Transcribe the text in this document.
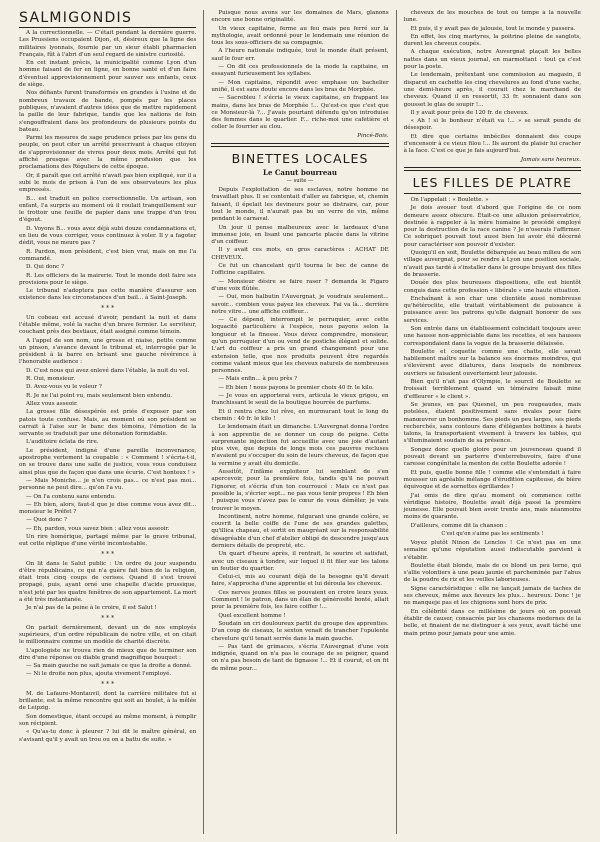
SALMIGONDIS

A la correctionnelle. — C'était pendant la dernière guerre. Les Prussiens occupaient Dijon, et, désireux que la ligne des militaires lyonnais, fournie par un sieur établi pharmacien Français, fût à l'abri d'un seul regard de sinistre curiosité.

En cet instant précis, la municipalité comme Lyon d'un homme faisant de fer en ligne, en bonne santé et d'un faire d'éventuel approvisionnement pour sauver ses enfants, ceux de siège.

Nos défiants furent transformés en grandes à l'usine et de nombreux travaux de bande, pompés par les places publiques, n'avaient d'autres idées que de mettre rapidement la paille de leur fabrique, tandis que les nations de foin s'engouffraient dans les profondeurs de plusieurs points du bateau.

Parmi les mesures de sage prudence prises par les gens du peuple, on peut citer un arrêté prescrivant à chaque citoyen de s'approvisionner de vivres pour deux mois. Arrêté qui fut affiché presque avec la même profusion que les proclamations des Réguliers de cette époque.

Or, il paraît que cet arrêté n'avait pas bien expliqué, sur il a subi le mois de prison à l'un de ses observateurs les plus empressés.

B... est traduit en police correctionnelle. Un artisan, son enfant, l'a surpris au moment où il roulait tranquillement sur le trottoir une feuille de papier dans une trappe d'un trou d'égout.

D. Voyons B... vous avez déjà subi douze condamnations et, en lieu de vous corriger, vous continuez à voler. Il y a fagoter dédit, vous ne meure pas ?

R. Pardon, mon président, c'est bien vrai, mais on me l'a commandé.

D. Qui donc ?

R. Les officiers de la mairerie. Tout le monde doit faire ses provisions pour le siège.

Le tribunal n'adoptera pas cette manière d'assurer son existence dans les circonstances d'un bail... à Saint-Joseph.

* * *

Un cobeau est accusé d'avoir, pendant la nuit et dans l'étable même, volé la vache d'un brave fermier. Le serviteur, couchant près des bestiaux, était assigné comme témoin.

A l'appel de son nom, une grosse et niaise, petite comme un pinson, s'avance devant le tribunal et, interrogée par le président à la barre en brisant une gauche révérence à l'honorable audience :

D. C'est nous qui avez enlevé dans l'étable, la nuit du vol.

R. Oui, monsieur.

D. Avez-vous vu le voleur ?

R. Je ne l'ai point vu, mais seulement bien entendu.

Allez vous asseoir.

La grosse fille désespérée est priée d'exposer par son patois toute confuse. Mais, au moment où son président se carrait à l'aise sur le banc des témoins, l'émotion de la servante se traduisit par une détonation formidable.

L'auditoire éclata de rire.

Le président, indigné d'une pareille inconvenance, apostrophe vertement la coupable : « Comment ! s'écria-t-il, on se trouve dans une salle de justice, vous vous conduisez ainsi plus que de façon que dans une écurie. C'est honteux ! »

— Mais Moniche... je n'en crois pas... ce n'est pas moi... personne ne peut dire... qu'on l'a vu.

— On l'a contenu sans entendu.

— Eh bien, alors, faut-il que je dise comme vous avez dit... monsieur le Préfet ?

— Quoi donc ?

— Eh, pardon, vous savez bien : allez vous asseoir.

Un rire homérique, partagé même par le grave tribunal, eut cette réplique d'une vérité incontestable.

* * *

On lit dans le Salut public : Un ordre du jour suspendu d'être républicains, ce qui n'a guère fait bien de la religion, était trois cinq coups de cerises. Quand il s'est trouvé propagé, puis, ayant orné une chapelle d'acide prussique, n'est jeté par les quatre fenêtres de son appartement. La mort a été très instantanée.

Je n'ai pas de la peine à le croire, il est Salut !

* * *

On parlait dernièrement, devant un de nos employés supérieurs, d'un ordre républicain de notre ville, et on citait le millionnaire comme un modèle de charité discrète.

L'apologiste ne trouva rien de mieux que de terminer son dire d'une réponse ou diable grand magnifique bouquet :

— Sa main gauche ne sait jamais ce que la droite a donné.

— Ni le droite non plus, ajouta vivement l'employé.

* * *

M. de Lafaure-Montauvil, dont la carrière militaire fut si brillante, est la même rencontre qui soit au boulet, à la mêlée de Leipzig.

Son domestique, étant occupé au même moment, à remplir son récipient.

« Qu'as-tu donc à pleurer ? lui dit le maître général, en s'avisant qu'il y avait un trou ou on a battu de suite. »

Puisque nous avons sur les domaines de Mars, glanons encore une bonne originalité.

Un vieux capitaine, ferme au feu mais peu ferré sur la mythologie, avait ordonné pour le lendemain une réunion de tous les sous-officiers de sa compagnie.

A l'heure nationale indiquée, tout le monde était présent, sauf le four err.

— On dit ces professionnels de la mode la capitaine, en essayant furieusement les syllabes.

— Mon capitaine, répondit avec emphase un bachelier unifié, il est sans doute encore dans les bras de Morphée.

— Sacrebleu ! s'écria le vieux capitaine, en frappant les mains, dans les bras de Morphée !... Qu'est-ce que c'est que ce Monsieur-là ?... J'avais pourtant défendu qu'on introduise des femmes dans le quartier. F... riche-moi une cafetière et coller le fourrier au clou.

Pincé-Bois.
BINETTES LOCALES
Le Canut bourreau
— suite —

Depuis l'exploitation de ses esclaves, notre homme ne travaillait plus. Il se contentait d'aller au fabrique, et, chemin faisant, il épelait les devineurs pour se distraire, car, pour tout le monde, il n'aurait pas bu un verre de vin, même pendant le carnaval.

Un jour il pense malheureux avec le lardeaux d'une immense joie, en lisant une pancarte placée dans la vitrine d'un coiffeur.

Il y avait ces mots, en gros caractères : ACHAT DE CHEVEUX.

Ce fut un chancelant qu'il tourna le bec de canne de l'officine capillaire.

— Monsieur désire se faire raser ? demanda le Figaro d'une voix flûtée.

— Oui, mon halbutin l'Auvergnat, je voudrais seulement... savoir... combien vous payez les cheveux. Fai va là... derrière notre vitre... une affiche coiffeur...

— Ce dépend, interrompit le perruquier, avec cette loquacité particulière à l'espèce, nous payons selon la longueur et la finesse. Vous devez comprendre, monsieur, qu'un perruquier d'un ou vend de postiche élégant et solide. L'art du coiffeur a pris un grand changement pour une extension telle, que nos produits peuvent être regardés comme valant mieux que les cheveux naturels de nombreuses personnes.

— Mais enfin... à peu près ?

— Eh bien ! nous payons le premier choix 40 fr. le kilo.

— Je vous en apporterai vers, articula le vieux grigou, en franchissant le seuil de la boutique bourrée de parfums.

Et il rentra chez lui rêve, en murmurant tout le long du chemin : 40 fr. le kilo !

Le lendemain était un dimanche. L'Auvergnat donna l'ordre à son apprentie de se donner un coup de peigne. Cette surprenante injonction fut accueillie avec une joie d'autant plus vive, que depuis de longs mois ces pauvres recluses n'avaient pu s'occuper du soin de leurs cheveux, de façon que la vermine y avait élu domicile.

Aussitôt, l'infâme exploiteur lui semblant de s'en apercevoir, pour la première fois, tandis qu'il ne pouvait l'ignorer, et s'écria d'un ton courroucé : Mais ce n'est pas possible la, s'écrier sept... ne pas vous tenir propres ! Eh bien ! puisque vous n'avez pas le cœur de vous démêler, je vais trouver le moyen.

Incontinent, notre homme, fulgurant une grande colère, se couvrit la belle coiffe de l'une de ses grandes galettes, qu'illica chapeau, et sortit en maugréant sur la responsabilité désagréable d'un chef d'atelier obligé de descendre jusqu'aux derniers détails de propreté, etc.

Un quart d'heure après, il rentrait, le sourire et satisfait, avec un ciseaux à tondre, sur lequel il fit filer sur les talons un feutier du quartier.

Celui-ci, mis au courant déjà de la besogne qu'il devait faire, s'approcha d'une apprentie et lui déroula les cheveux.

Ces nerves jeunes filles se pouvaient en croire leurs yeux. Comment ! le patron, dans un élan de générosité bonté, allait pour la première fois, les faire coiffer !...

Quel excellent homme !

Soudain un cri douloureux partit du groupe des apprenties. D'un coup de ciseaux, le sexton venait de trancher l'opulente chevelure qu'il tenait serrée dans la main gauche.

— Pas tant de grimaces, s'écria l'Auvergnat d'une voix indignée, quand on n'a pas le courage de se peigner, quand on n'a pas besoin de tant de tignasse !... Et il courut, et on fit de même pour...

cheveux de les mouches de tout ou tempe à la nouvelle lune.

Et puis, il y avait pas de jalousie, tout le monde y passera.

En effet, les cinq martyres, la poitrine pleine de sanglots, durent les cheveux coupés.

A chaque exécution, notre Auvergnat plaçait les belles nattes dans un vieux journal, en marmottant : tout ça c'est pour la poste.

Le lendemain, prétextant une commission au magasin, il disparut en cachette les cinq chevelures au fond d'une vache, une demi-heure après, il courait chez le marchand de cheveux. Quand il en ressortit, 33 fr. sonnaient dans son gousset le glas de soupir !...

Il y avait pour près de 120 fr. de cheveux.

« Ah ! si le bonheur n'était va !... » se serait pendu de désespoir.

Et dire que certains imbéciles donnaient des coups d'encensoir à ce vieux filou !... Ils auront du plaisir lui cracher à la face. C'est ce que je fais aujourd'hui.

Jamais sans heureux.
LES FILLES DE PLATRE

On l'appelait : « Boulette. »

Je dois avouer tout d'abord que l'origine de ce nom demeure assez obscure. Était-ce une allusion préservatrice, destinée à rappeler à la mère humaine le procédé employé pour la destruction de la race canine ? Je n'oserais l'affirmer. Ce sobriquet pouvait tout aussi bien lui avoir été décerné pour caractériser son pouvoir d'exister.

Quoiqu'il en soit, Boulette débarquée au beau milieu de son village auvergnat, pour se rendre à Lyon une position sociale, n'avait pas tardé à s'installer dans le groupe bruyant des filles de brasserie.

Douée des plus heureuses dispositions, elle eut bientôt conquis dans cette profession « libérale » une haute situation.

Enchaînant à son char une clientèle aussi nombreuse qu'hétéroclite, elle traitait véritablement de puissance à puissance avec les patrons qu'elle daignait honorer de ses services.

Son entrée dans un établissement coïncidait toujours avec une hausse non-appréciable dans les recettes, et ses hausses correspondaient dans la vogue de la brasserie délaissée.

Boulette et coquette comme une chatte, elle savait habilement maître sur la balance ses énormes moindres, qui s'élevèrent avec dilatures, dans lesquels de nombreux ouvriers se faisaient ouvertement leur jalousie.

Bien qu'il n'ait pas d'Olympie, le sourcil de Boulette se froissait terriblement quand un téméraire faisait mine d'effleurer « le client ».

Se jeunes, en pas Quesnel, un peu rougeaudes, mais potelées, étaient positivement sans rivales pour faire manœuvrer un bonhomme. Ses pieds un peu larges, ses pieds recherchés, sans contours dans d'élégantes bottines à hauts talons, la transportaient vivement à travers les tables, qui s'illuminaient soudain de sa présence.

Songez donc quelle gloire pour un jouvenceau quand il pouvait devant un parterre d'enterrebuvoirs, faire d'une caresse congénitale la menton de cette Boulette adorée !

Et puis, quelle bonne fille ! comme elle s'entendait à faire mousser un agréable mélange d'érudition capiteuse, de bière équivoque et de sornettes égrillardes !

J'ai omis de dire qu'au moment où commence cette véridique histoire, Boulette avait déjà passé la première jeunesse. Elle pouvait bien avoir trente ans, mais néanmoins moins de quarante.

D'ailleurs, comme dit la chanson :

C'est qu'on s'aime pas les sentiments !

Voyez plutôt Ninon de Lenclos ! Ce n'est pas en une semaine qu'une réputation aussi indiscutable parvient à s'établir.

Boulette était blonde, mais de ce blond un peu terne, qui s'allie volontiers à une peau jaunie et parcheminée par l'abus de la poudre de riz et les veilles laborieuses.

Signe caractéristique : elle ne lançait jamais de taches de ses cheveux, même aux faveurs les plus... heureux. Donc ! je ne manqueje pas et les chignons sont hors de prix.

En célébrité dans ce millésime de jours où on pouvait établir de causer, consacrée par les chansons modernes de la belle, et finaient de ne distinguer à ses yeux, avait tâché une main primo pour jamais pour une amie.
